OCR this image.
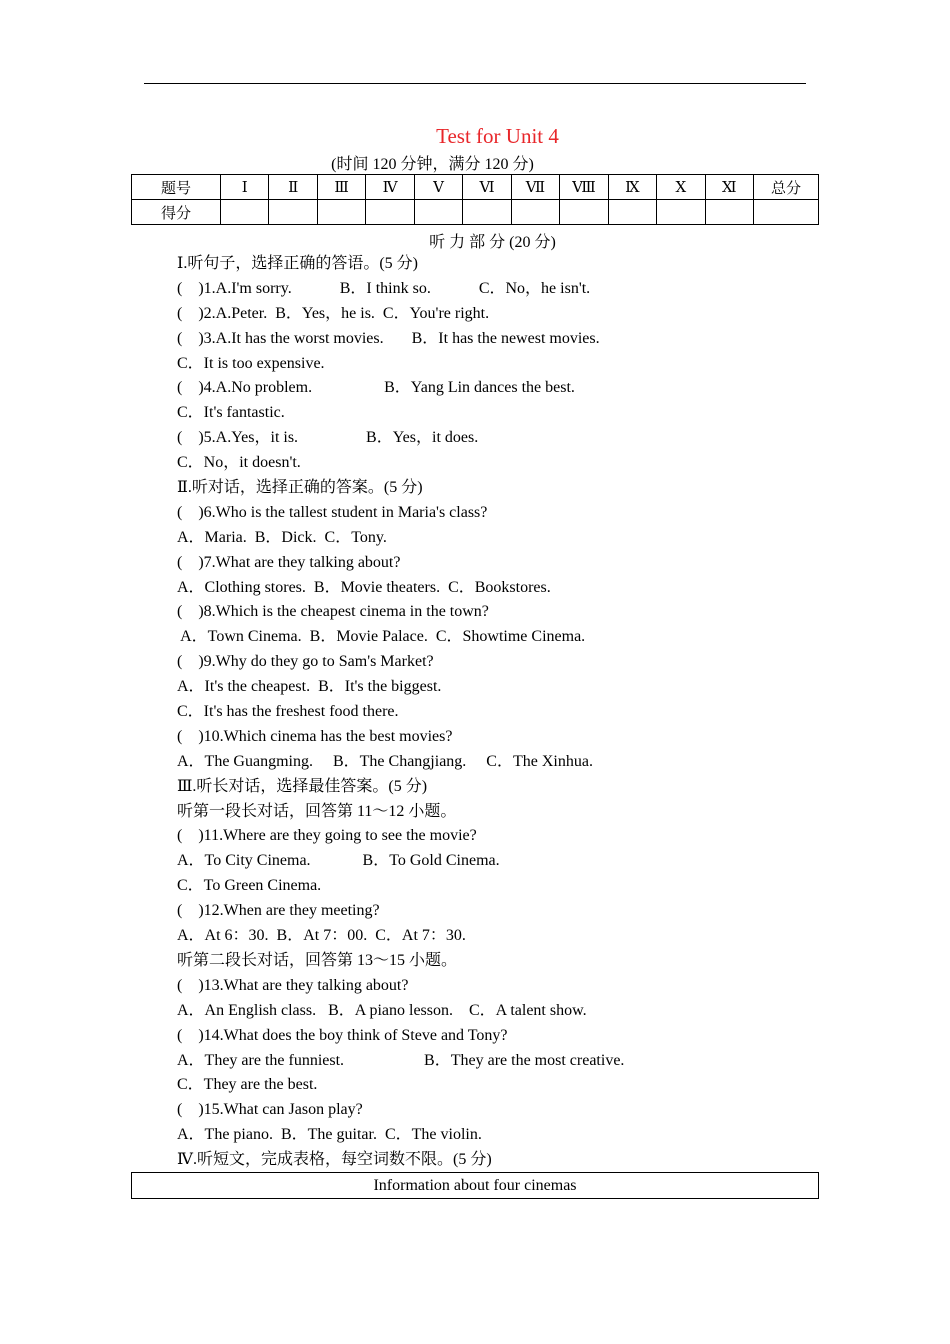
Test for Unit 4
(时间 120 分钟，满分 120 分)
题号	Ⅰ	Ⅱ	Ⅲ	Ⅳ	Ⅴ	Ⅵ	Ⅶ	Ⅷ	Ⅸ	Ⅹ	Ⅺ	总分
得分												
听 力 部 分 (20 分)
Ⅰ.听句子，选择正确的答语。(5 分)
(    )1.A.I'm sorry.            B．I think so.            C．No，he isn't.
(    )2.A.Peter.  B．Yes，he is.  C．You're right.
(    )3.A.It has the worst movies.       B．It has the newest movies.
C．It is too expensive.
(    )4.A.No problem.                  B．Yang Lin dances the best.
C．It's fantastic.
(    )5.A.Yes，it is.                 B．Yes，it does.
C．No，it doesn't.
Ⅱ.听对话，选择正确的答案。(5 分)
(    )6.Who is the tallest student in Maria's class?
A．Maria.  B．Dick.  C．Tony.
(    )7.What are they talking about?
A．Clothing stores.  B．Movie theaters.  C．Bookstores.
(    )8.Which is the cheapest cinema in the town?
A．Town Cinema.  B．Movie Palace.  C．Showtime Cinema.
(    )9.Why do they go to Sam's Market?
A．It's the cheapest.  B．It's the biggest.
C．It's has the freshest food there.
(    )10.Which cinema has the best movies?
A．The Guangming.     B．The Changjiang.     C．The Xinhua.
Ⅲ.听长对话，选择最佳答案。(5 分)
听第一段长对话，回答第 11～12 小题。
(    )11.Where are they going to see the movie?
A．To City Cinema.             B．To Gold Cinema.
C．To Green Cinema.
(    )12.When are they meeting?
A．At 6：30.  B．At 7：00.  C．At 7：30.
听第二段长对话，回答第 13～15 小题。
(    )13.What are they talking about?
A．An English class.   B．A piano lesson.    C．A talent show.
(    )14.What does the boy think of Steve and Tony?
A．They are the funniest.                    B．They are the most creative.
C．They are the best.
(    )15.What can Jason play?
A．The piano.  B．The guitar.  C．The violin.
Ⅳ.听短文，完成表格，每空词数不限。(5 分)
Information about four cinemas
